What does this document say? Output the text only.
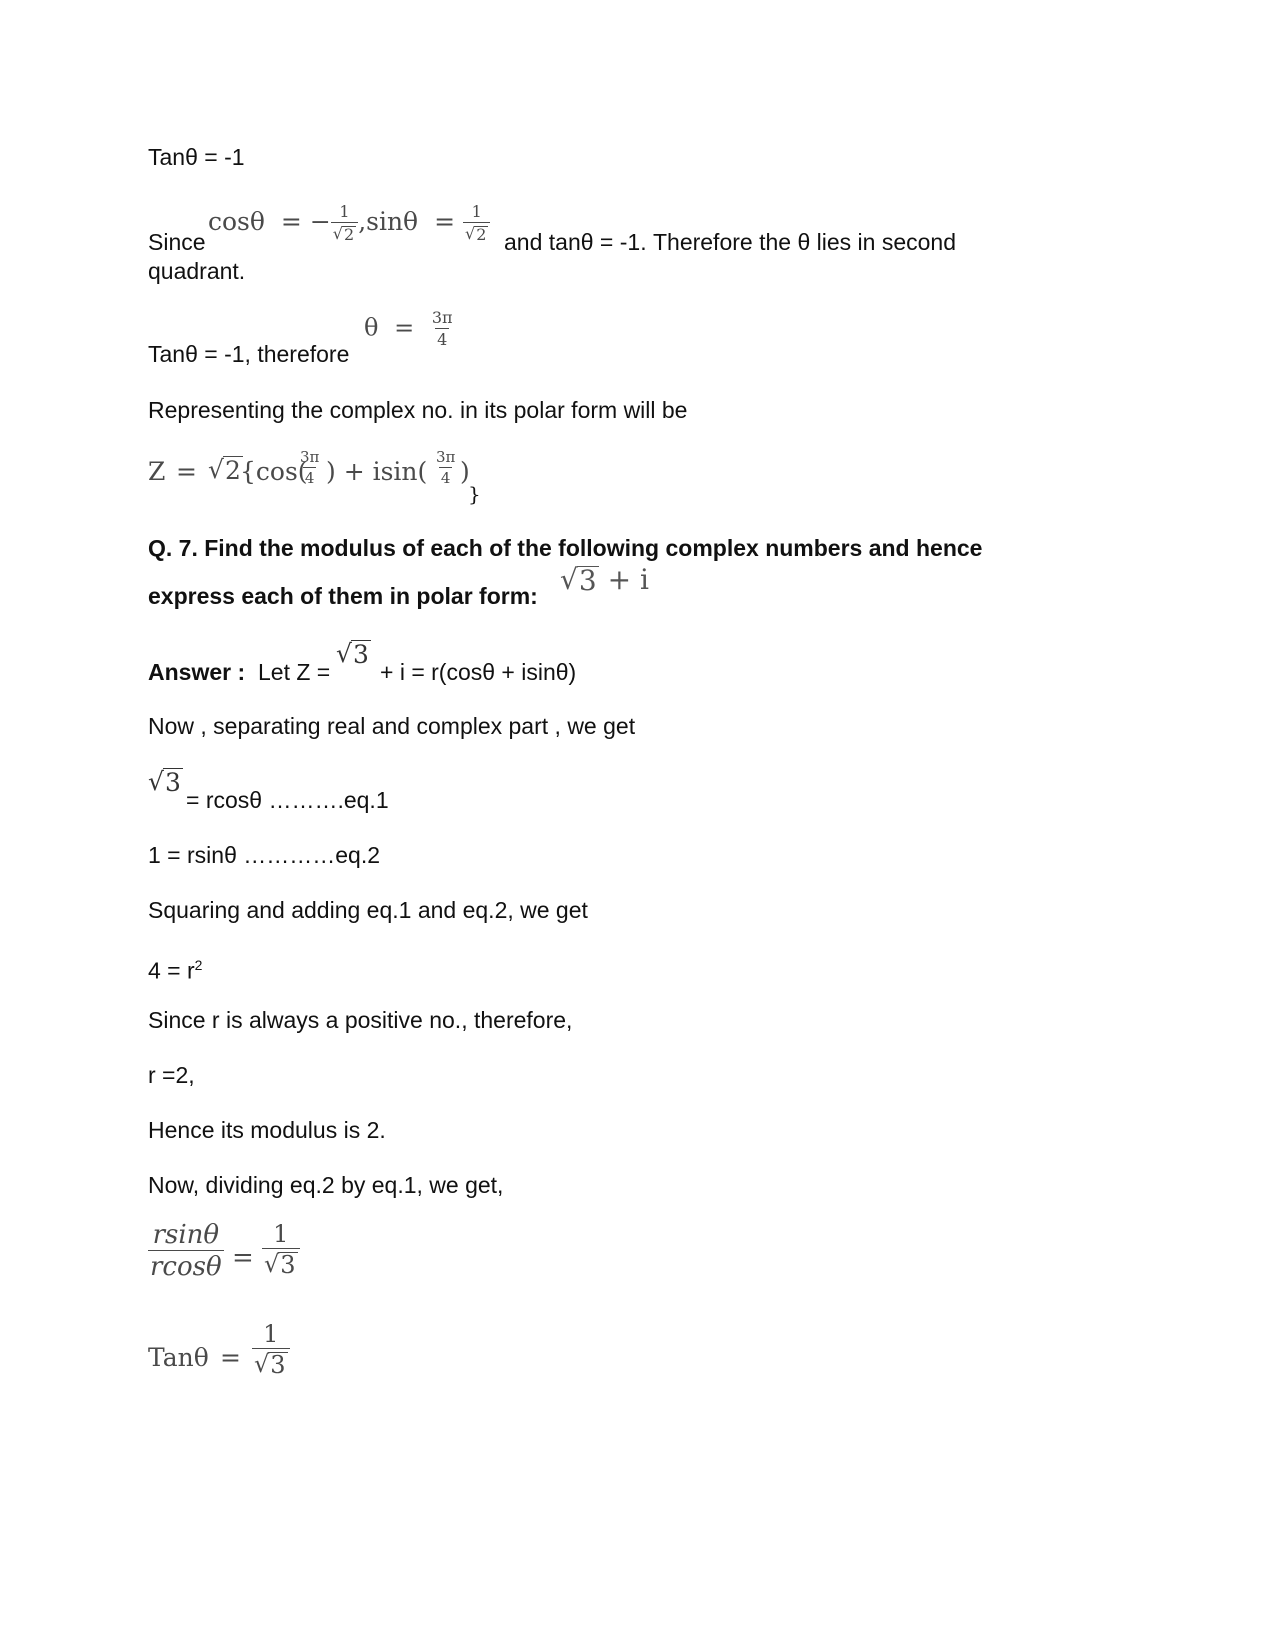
Tanθ = -1
Since
cosθ = − $\frac{1}{√ 2} ,\sin\theta = \frac{1}{√ 2}$ and tanθ = -1. Therefore the θ lies in second
quadrant.
Tanθ = -1, therefore
$\theta = \frac{3\pi}{4}$
Representing the complex no. in its polar form will be
Z = √ 2 {cos(
$\frac{3\pi}{4}$ ) + $isin( \frac{3\pi}{4}$ )
}
Q. 7. Find the modulus of each of the following complex numbers and hence
express each of them in polar form: √ 3 + i
Answer : Let Z =
√ 3
+ i = r(cosθ + isinθ)
Now , separating real and complex part , we get
√ 3
= rcosθ ……….eq.1
1 = rsinθ …………eq.2
Squaring and adding eq.1 and eq.2, we get
$4 = r^2$
Since r is always a positive no., therefore,
r =2,
Hence its modulus is 2.
Now, dividing eq.2 by eq.1, we get,
$\frac{rsin\theta}{rcos\theta} = \frac{1}{√ 3}$
$Tan\theta = \frac{1}{√ 3}$
